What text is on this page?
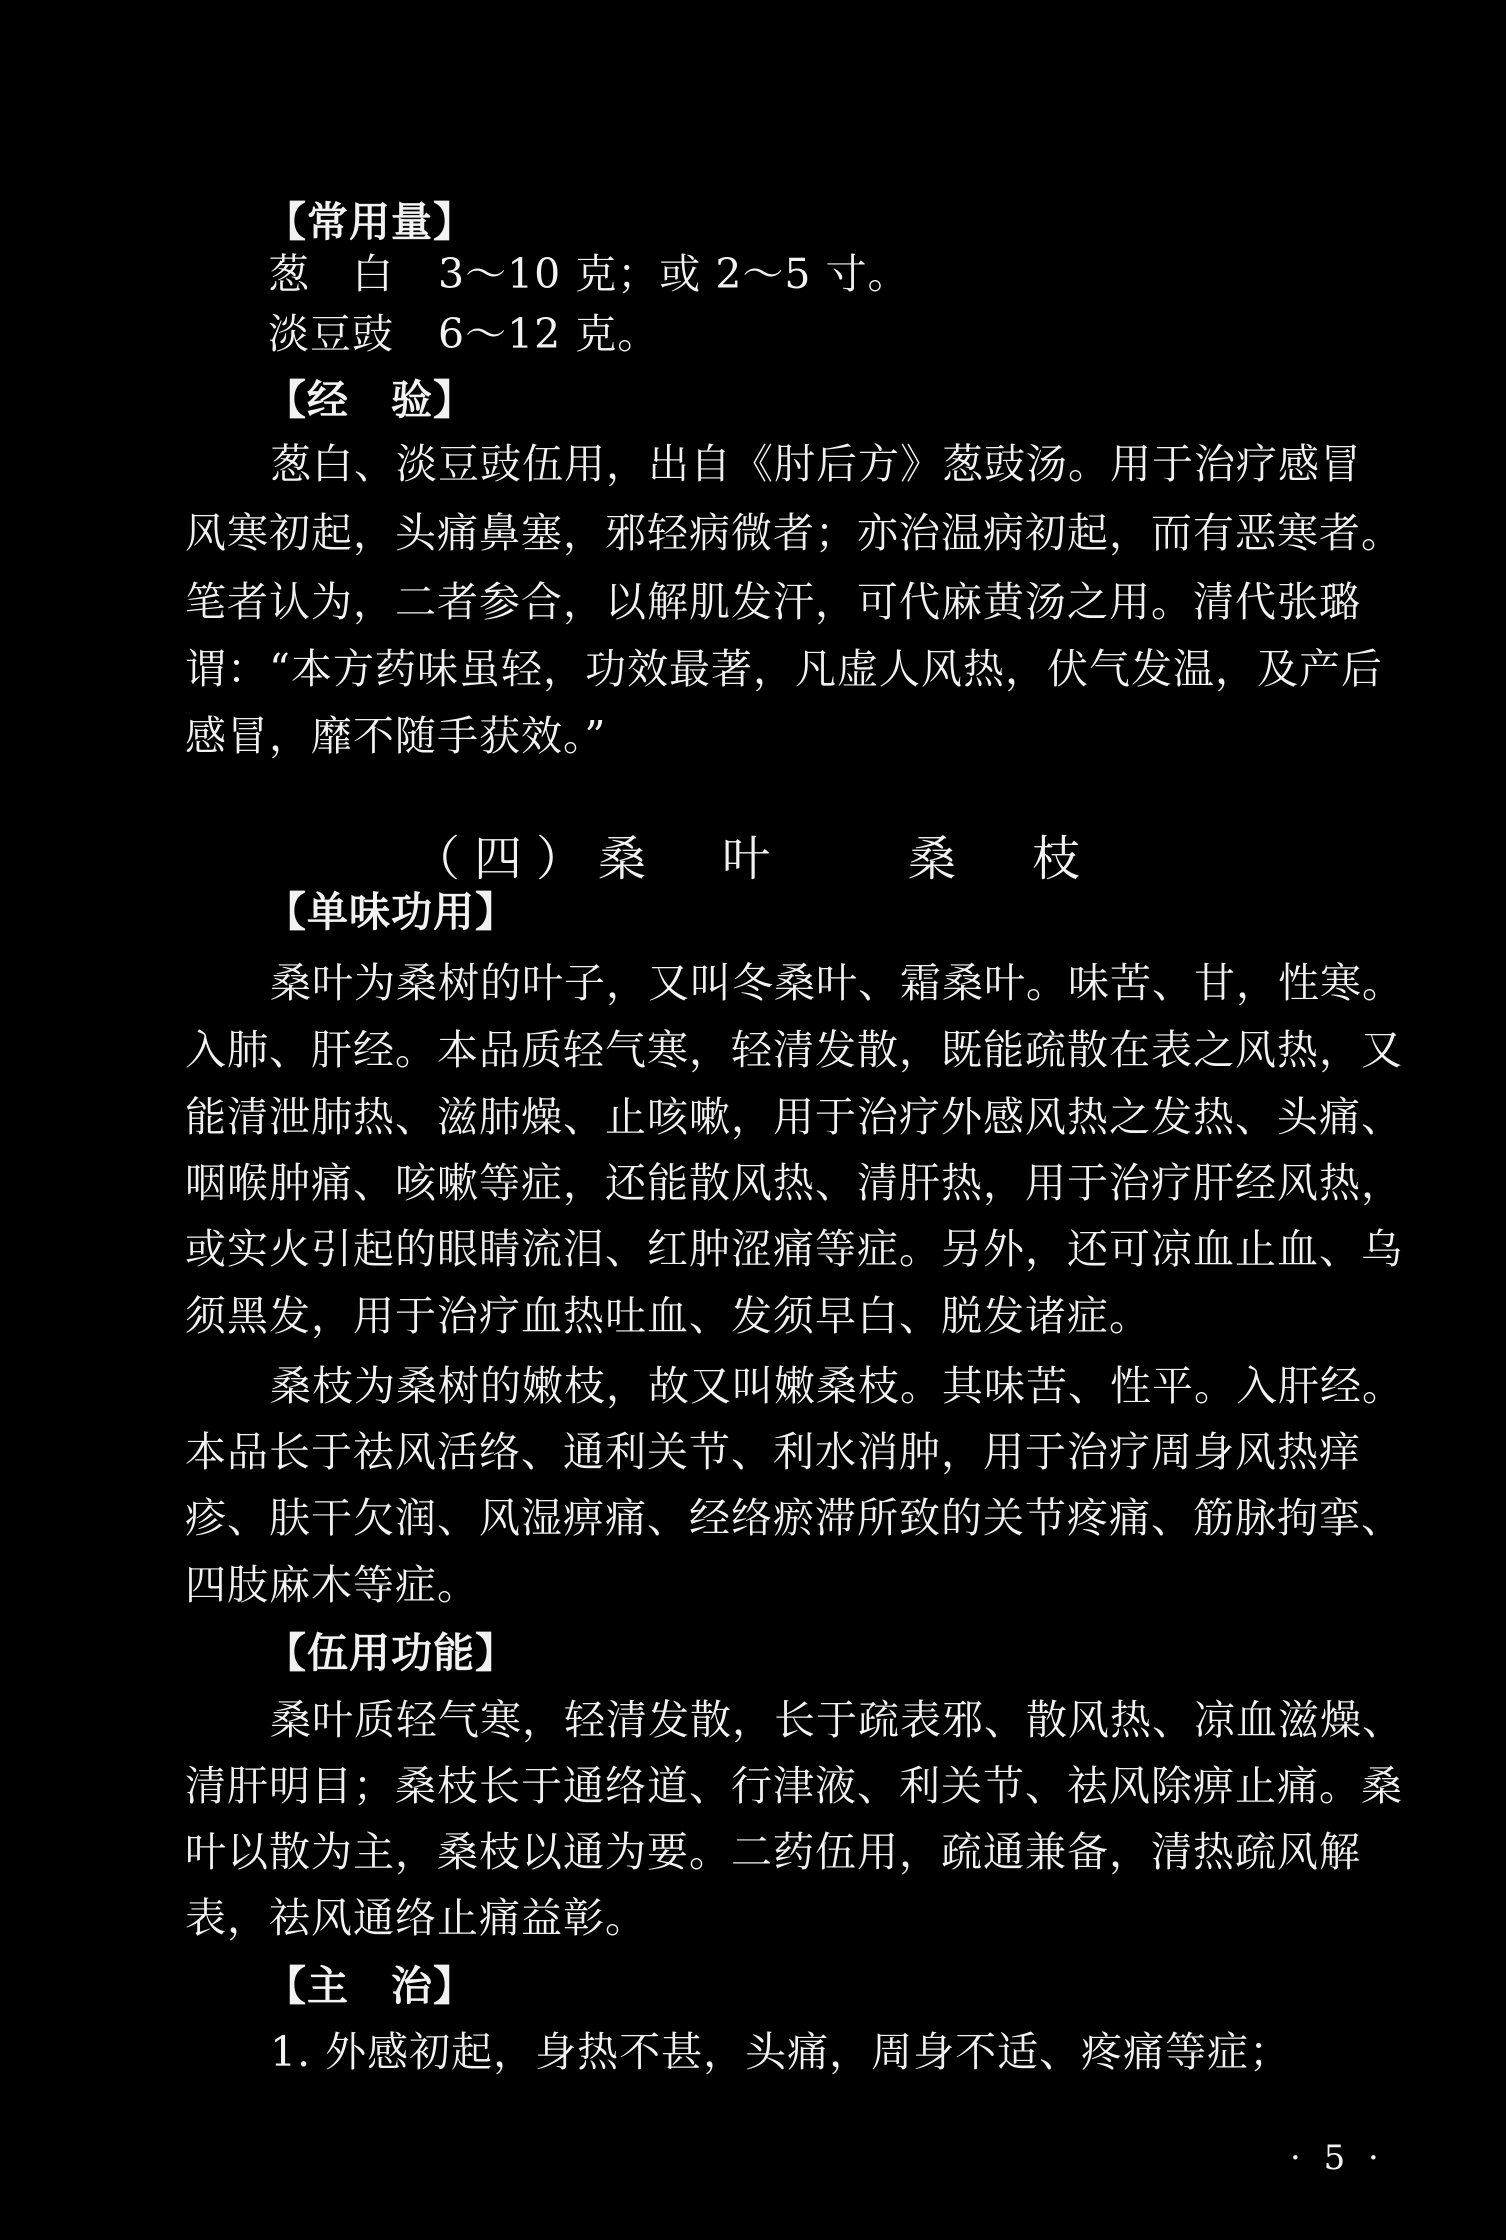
（四）桑　叶　　桑　枝
· 5 ·
【常用量】
葱　白 3～10 克；或 2～5 寸。
淡豆豉 6～12 克。
【经　验】
葱白、淡豆豉伍用，出自《肘后方》葱豉汤。用于治疗感冒
风寒初起，头痛鼻塞，邪轻病微者；亦治温病初起，而有恶寒者。
笔者认为，二者参合，以解肌发汗，可代麻黄汤之用。清代张璐
谓：“本方药味虽轻，功效最著，凡虚人风热，伏气发温，及产后
感冒，靡不随手获效。”
【单味功用】
桑叶为桑树的叶子，又叫冬桑叶、霜桑叶。味苦、甘，性寒。
入肺、肝经。本品质轻气寒，轻清发散，既能疏散在表之风热，又
能清泄肺热、滋肺燥、止咳嗽，用于治疗外感风热之发热、头痛、
咽喉肿痛、咳嗽等症，还能散风热、清肝热，用于治疗肝经风热，
或实火引起的眼睛流泪、红肿涩痛等症。另外，还可凉血止血、乌
须黑发，用于治疗血热吐血、发须早白、脱发诸症。
桑枝为桑树的嫩枝，故又叫嫩桑枝。其味苦、性平。入肝经。
本品长于祛风活络、通利关节、利水消肿，用于治疗周身风热痒
疹、肤干欠润、风湿痹痛、经络瘀滞所致的关节疼痛、筋脉拘挛、
四肢麻木等症。
【伍用功能】
桑叶质轻气寒，轻清发散，长于疏表邪、散风热、凉血滋燥、
清肝明目；桑枝长于通络道、行津液、利关节、祛风除痹止痛。桑
叶以散为主，桑枝以通为要。二药伍用，疏通兼备，清热疏风解
表，祛风通络止痛益彰。
【主　治】
1. 外感初起，身热不甚，头痛，周身不适、疼痛等症；
